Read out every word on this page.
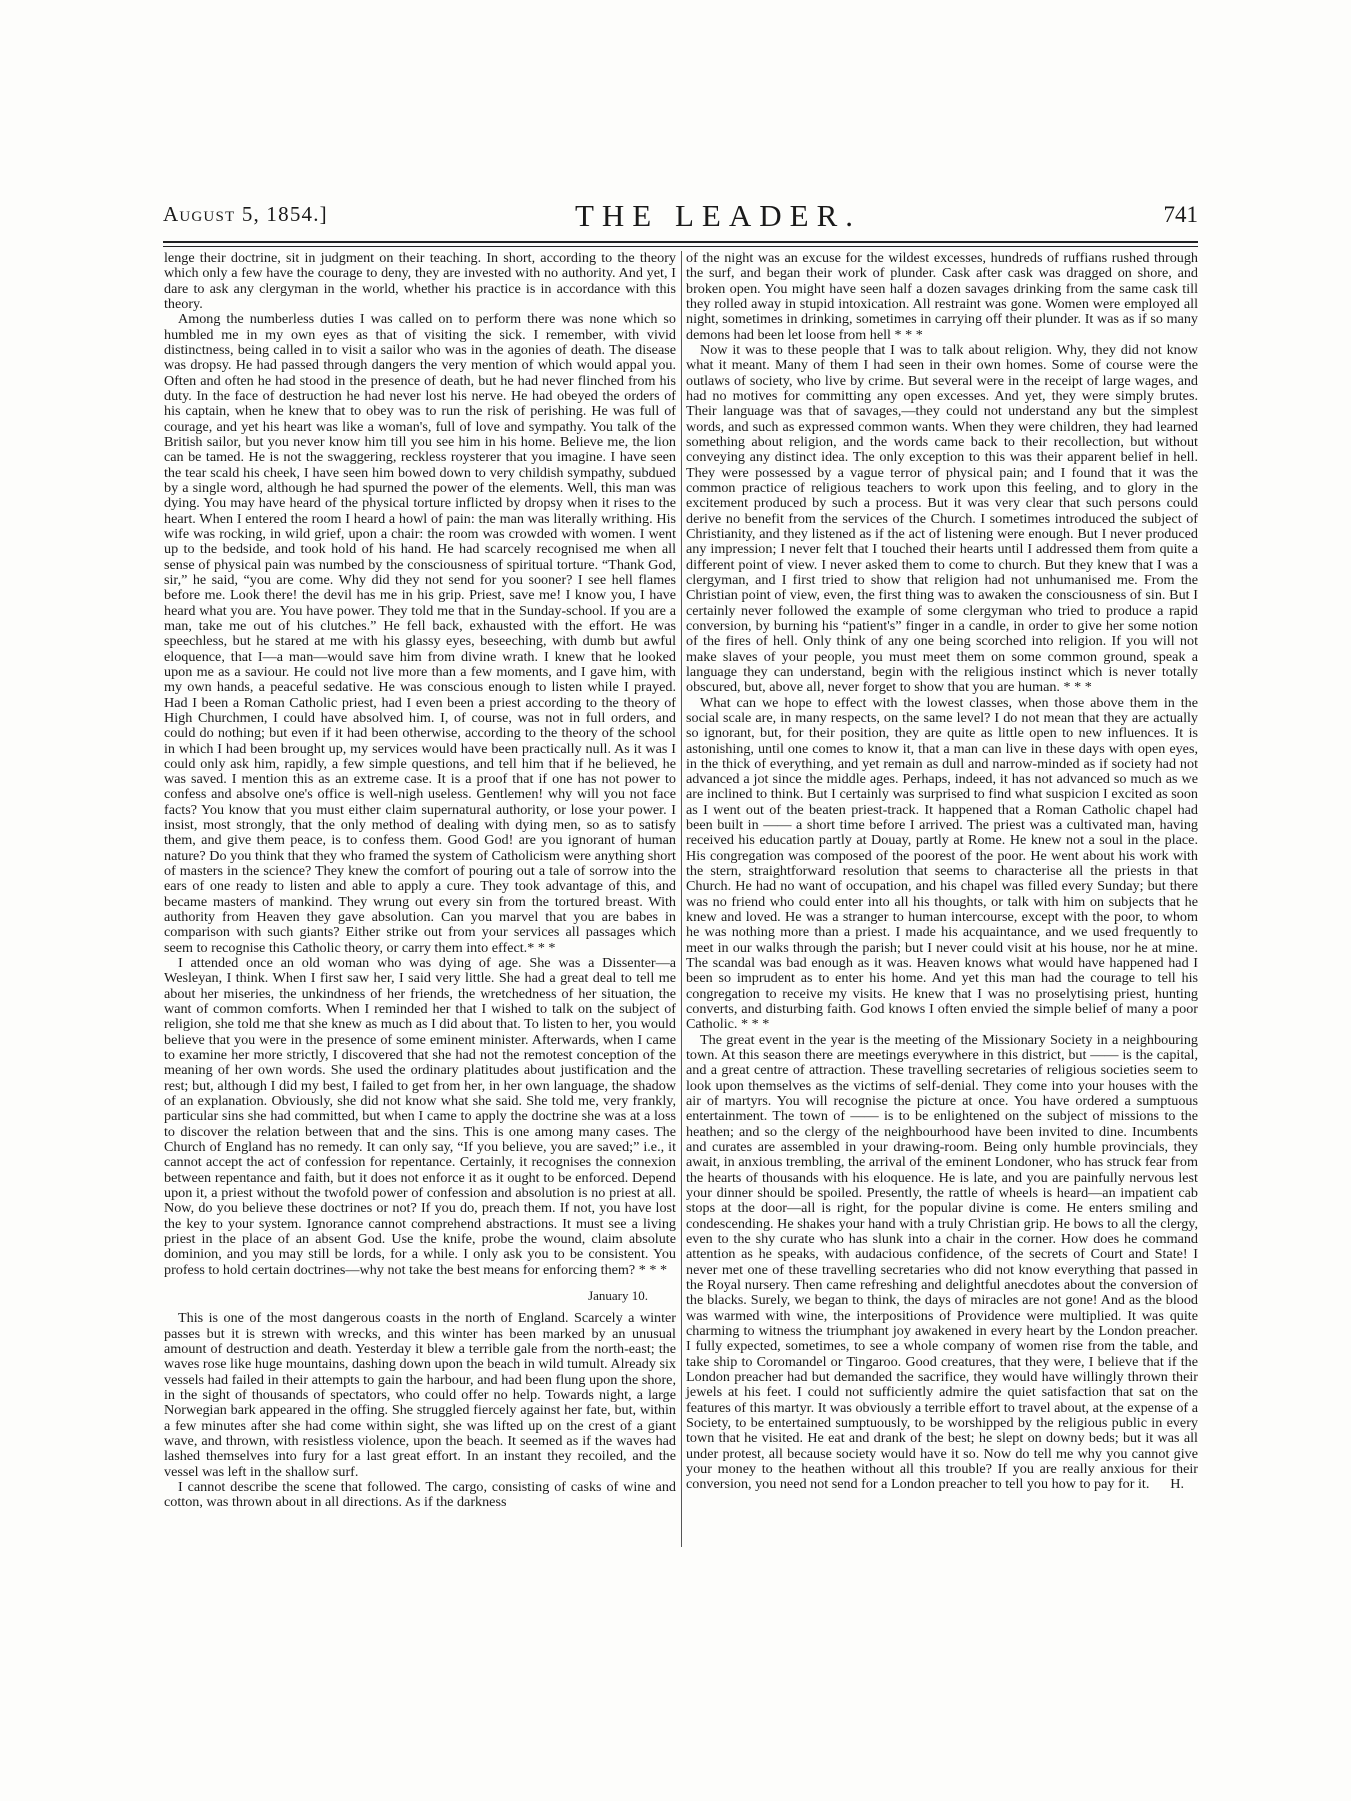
August 5, 1854.]	THE LEADER.	741

lenge their doctrine, sit in judgment on their teaching. In short, according to the theory which only a few have the courage to deny, they are invested with no authority. And yet, I dare to ask any clergyman in the world, whether his practice is in accordance with this theory.

Among the numberless duties I was called on to perform there was none which so humbled me in my own eyes as that of visiting the sick. I remember, with vivid distinctness, being called in to visit a sailor who was in the agonies of death. The disease was dropsy. He had passed through dangers the very mention of which would appal you. Often and often he had stood in the presence of death, but he had never flinched from his duty. In the face of destruction he had never lost his nerve. He had obeyed the orders of his captain, when he knew that to obey was to run the risk of perishing. He was full of courage, and yet his heart was like a woman's, full of love and sympathy. You talk of the British sailor, but you never know him till you see him in his home. Believe me, the lion can be tamed. He is not the swaggering, reckless roysterer that you imagine. I have seen the tear scald his cheek, I have seen him bowed down to very childish sympathy, subdued by a single word, although he had spurned the power of the elements. Well, this man was dying. You may have heard of the physical torture inflicted by dropsy when it rises to the heart. When I entered the room I heard a howl of pain: the man was literally writhing. His wife was rocking, in wild grief, upon a chair: the room was crowded with women. I went up to the bedside, and took hold of his hand. He had scarcely recognised me when all sense of physical pain was numbed by the consciousness of spiritual torture. “Thank God, sir,” he said, “you are come. Why did they not send for you sooner? I see hell flames before me. Look there! the devil has me in his grip. Priest, save me! I know you, I have heard what you are. You have power. They told me that in the Sunday-school. If you are a man, take me out of his clutches.” He fell back, exhausted with the effort. He was speechless, but he stared at me with his glassy eyes, beseeching, with dumb but awful eloquence, that I—a man—would save him from divine wrath. I knew that he looked upon me as a saviour. He could not live more than a few moments, and I gave him, with my own hands, a peaceful sedative. He was conscious enough to listen while I prayed. Had I been a Roman Catholic priest, had I even been a priest according to the theory of High Churchmen, I could have absolved him. I, of course, was not in full orders, and could do nothing; but even if it had been otherwise, according to the theory of the school in which I had been brought up, my services would have been practically null. As it was I could only ask him, rapidly, a few simple questions, and tell him that if he believed, he was saved. I mention this as an extreme case. It is a proof that if one has not power to confess and absolve one's office is well-nigh useless. Gentlemen! why will you not face facts? You know that you must either claim supernatural authority, or lose your power. I insist, most strongly, that the only method of dealing with dying men, so as to satisfy them, and give them peace, is to confess them. Good God! are you ignorant of human nature? Do you think that they who framed the system of Catholicism were anything short of masters in the science? They knew the comfort of pouring out a tale of sorrow into the ears of one ready to listen and able to apply a cure. They took advantage of this, and became masters of mankind. They wrung out every sin from the tortured breast. With authority from Heaven they gave absolution. Can you marvel that you are babes in comparison with such giants? Either strike out from your services all passages which seem to recognise this Catholic theory, or carry them into effect.* * *

I attended once an old woman who was dying of age. She was a Dissenter—a Wesleyan, I think. When I first saw her, I said very little. She had a great deal to tell me about her miseries, the unkindness of her friends, the wretchedness of her situation, the want of common comforts. When I reminded her that I wished to talk on the subject of religion, she told me that she knew as much as I did about that. To listen to her, you would believe that you were in the presence of some eminent minister. Afterwards, when I came to examine her more strictly, I discovered that she had not the remotest conception of the meaning of her own words. She used the ordinary platitudes about justification and the rest; but, although I did my best, I failed to get from her, in her own language, the shadow of an explanation. Obviously, she did not know what she said. She told me, very frankly, particular sins she had committed, but when I came to apply the doctrine she was at a loss to discover the relation between that and the sins. This is one among many cases. The Church of England has no remedy. It can only say, “If you believe, you are saved;” i.e., it cannot accept the act of confession for repentance. Certainly, it recognises the connexion between repentance and faith, but it does not enforce it as it ought to be enforced. Depend upon it, a priest without the twofold power of confession and absolution is no priest at all. Now, do you believe these doctrines or not? If you do, preach them. If not, you have lost the key to your system. Ignorance cannot comprehend abstractions. It must see a living priest in the place of an absent God. Use the knife, probe the wound, claim absolute dominion, and you may still be lords, for a while. I only ask you to be consistent. You profess to hold certain doctrines—why not take the best means for enforcing them? * * *

January 10.

This is one of the most dangerous coasts in the north of England. Scarcely a winter passes but it is strewn with wrecks, and this winter has been marked by an unusual amount of destruction and death. Yesterday it blew a terrible gale from the north-east; the waves rose like huge mountains, dashing down upon the beach in wild tumult. Already six vessels had failed in their attempts to gain the harbour, and had been flung upon the shore, in the sight of thousands of spectators, who could offer no help. Towards night, a large Norwegian bark appeared in the offing. She struggled fiercely against her fate, but, within a few minutes after she had come within sight, she was lifted up on the crest of a giant wave, and thrown, with resistless violence, upon the beach. It seemed as if the waves had lashed themselves into fury for a last great effort. In an instant they recoiled, and the vessel was left in the shallow surf.

I cannot describe the scene that followed. The cargo, consisting of casks of wine and cotton, was thrown about in all directions. As if the darkness

of the night was an excuse for the wildest excesses, hundreds of ruffians rushed through the surf, and began their work of plunder. Cask after cask was dragged on shore, and broken open. You might have seen half a dozen savages drinking from the same cask till they rolled away in stupid intoxication. All restraint was gone. Women were employed all night, sometimes in drinking, sometimes in carrying off their plunder. It was as if so many demons had been let loose from hell * * *

Now it was to these people that I was to talk about religion. Why, they did not know what it meant. Many of them I had seen in their own homes. Some of course were the outlaws of society, who live by crime. But several were in the receipt of large wages, and had no motives for committing any open excesses. And yet, they were simply brutes. Their language was that of savages,—they could not understand any but the simplest words, and such as expressed common wants. When they were children, they had learned something about religion, and the words came back to their recollection, but without conveying any distinct idea. The only exception to this was their apparent belief in hell. They were possessed by a vague terror of physical pain; and I found that it was the common practice of religious teachers to work upon this feeling, and to glory in the excitement produced by such a process. But it was very clear that such persons could derive no benefit from the services of the Church. I sometimes introduced the subject of Christianity, and they listened as if the act of listening were enough. But I never produced any impression; I never felt that I touched their hearts until I addressed them from quite a different point of view. I never asked them to come to church. But they knew that I was a clergyman, and I first tried to show that religion had not unhumanised me. From the Christian point of view, even, the first thing was to awaken the consciousness of sin. But I certainly never followed the example of some clergyman who tried to produce a rapid conversion, by burning his “patient's” finger in a candle, in order to give her some notion of the fires of hell. Only think of any one being scorched into religion. If you will not make slaves of your people, you must meet them on some common ground, speak a language they can understand, begin with the religious instinct which is never totally obscured, but, above all, never forget to show that you are human. * * *

What can we hope to effect with the lowest classes, when those above them in the social scale are, in many respects, on the same level? I do not mean that they are actually so ignorant, but, for their position, they are quite as little open to new influences. It is astonishing, until one comes to know it, that a man can live in these days with open eyes, in the thick of everything, and yet remain as dull and narrow-minded as if society had not advanced a jot since the middle ages. Perhaps, indeed, it has not advanced so much as we are inclined to think. But I certainly was surprised to find what suspicion I excited as soon as I went out of the beaten priest-track. It happened that a Roman Catholic chapel had been built in —— a short time before I arrived. The priest was a cultivated man, having received his education partly at Douay, partly at Rome. He knew not a soul in the place. His congregation was composed of the poorest of the poor. He went about his work with the stern, straightforward resolution that seems to characterise all the priests in that Church. He had no want of occupation, and his chapel was filled every Sunday; but there was no friend who could enter into all his thoughts, or talk with him on subjects that he knew and loved. He was a stranger to human intercourse, except with the poor, to whom he was nothing more than a priest. I made his acquaintance, and we used frequently to meet in our walks through the parish; but I never could visit at his house, nor he at mine. The scandal was bad enough as it was. Heaven knows what would have happened had I been so imprudent as to enter his home. And yet this man had the courage to tell his congregation to receive my visits. He knew that I was no proselytising priest, hunting converts, and disturbing faith. God knows I often envied the simple belief of many a poor Catholic. * * *

The great event in the year is the meeting of the Missionary Society in a neighbouring town. At this season there are meetings everywhere in this district, but —— is the capital, and a great centre of attraction. These travelling secretaries of religious societies seem to look upon themselves as the victims of self-denial. They come into your houses with the air of martyrs. You will recognise the picture at once. You have ordered a sumptuous entertainment. The town of —— is to be enlightened on the subject of missions to the heathen; and so the clergy of the neighbourhood have been invited to dine. Incumbents and curates are assembled in your drawing-room. Being only humble provincials, they await, in anxious trembling, the arrival of the eminent Londoner, who has struck fear from the hearts of thousands with his eloquence. He is late, and you are painfully nervous lest your dinner should be spoiled. Presently, the rattle of wheels is heard—an impatient cab stops at the door—all is right, for the popular divine is come. He enters smiling and condescending. He shakes your hand with a truly Christian grip. He bows to all the clergy, even to the shy curate who has slunk into a chair in the corner. How does he command attention as he speaks, with audacious confidence, of the secrets of Court and State! I never met one of these travelling secretaries who did not know everything that passed in the Royal nursery. Then came refreshing and delightful anecdotes about the conversion of the blacks. Surely, we began to think, the days of miracles are not gone! And as the blood was warmed with wine, the interpositions of Providence were multiplied. It was quite charming to witness the triumphant joy awakened in every heart by the London preacher. I fully expected, sometimes, to see a whole company of women rise from the table, and take ship to Coromandel or Tingaroo. Good creatures, that they were, I believe that if the London preacher had but demanded the sacrifice, they would have willingly thrown their jewels at his feet. I could not sufficiently admire the quiet satisfaction that sat on the features of this martyr. It was obviously a terrible effort to travel about, at the expense of a Society, to be entertained sumptuously, to be worshipped by the religious public in every town that he visited. He eat and drank of the best; he slept on downy beds; but it was all under protest, all because society would have it so. Now do tell me why you cannot give your money to the heathen without all this trouble? If you are really anxious for their conversion, you need not send for a London preacher to tell you how to pay for it.	H.
